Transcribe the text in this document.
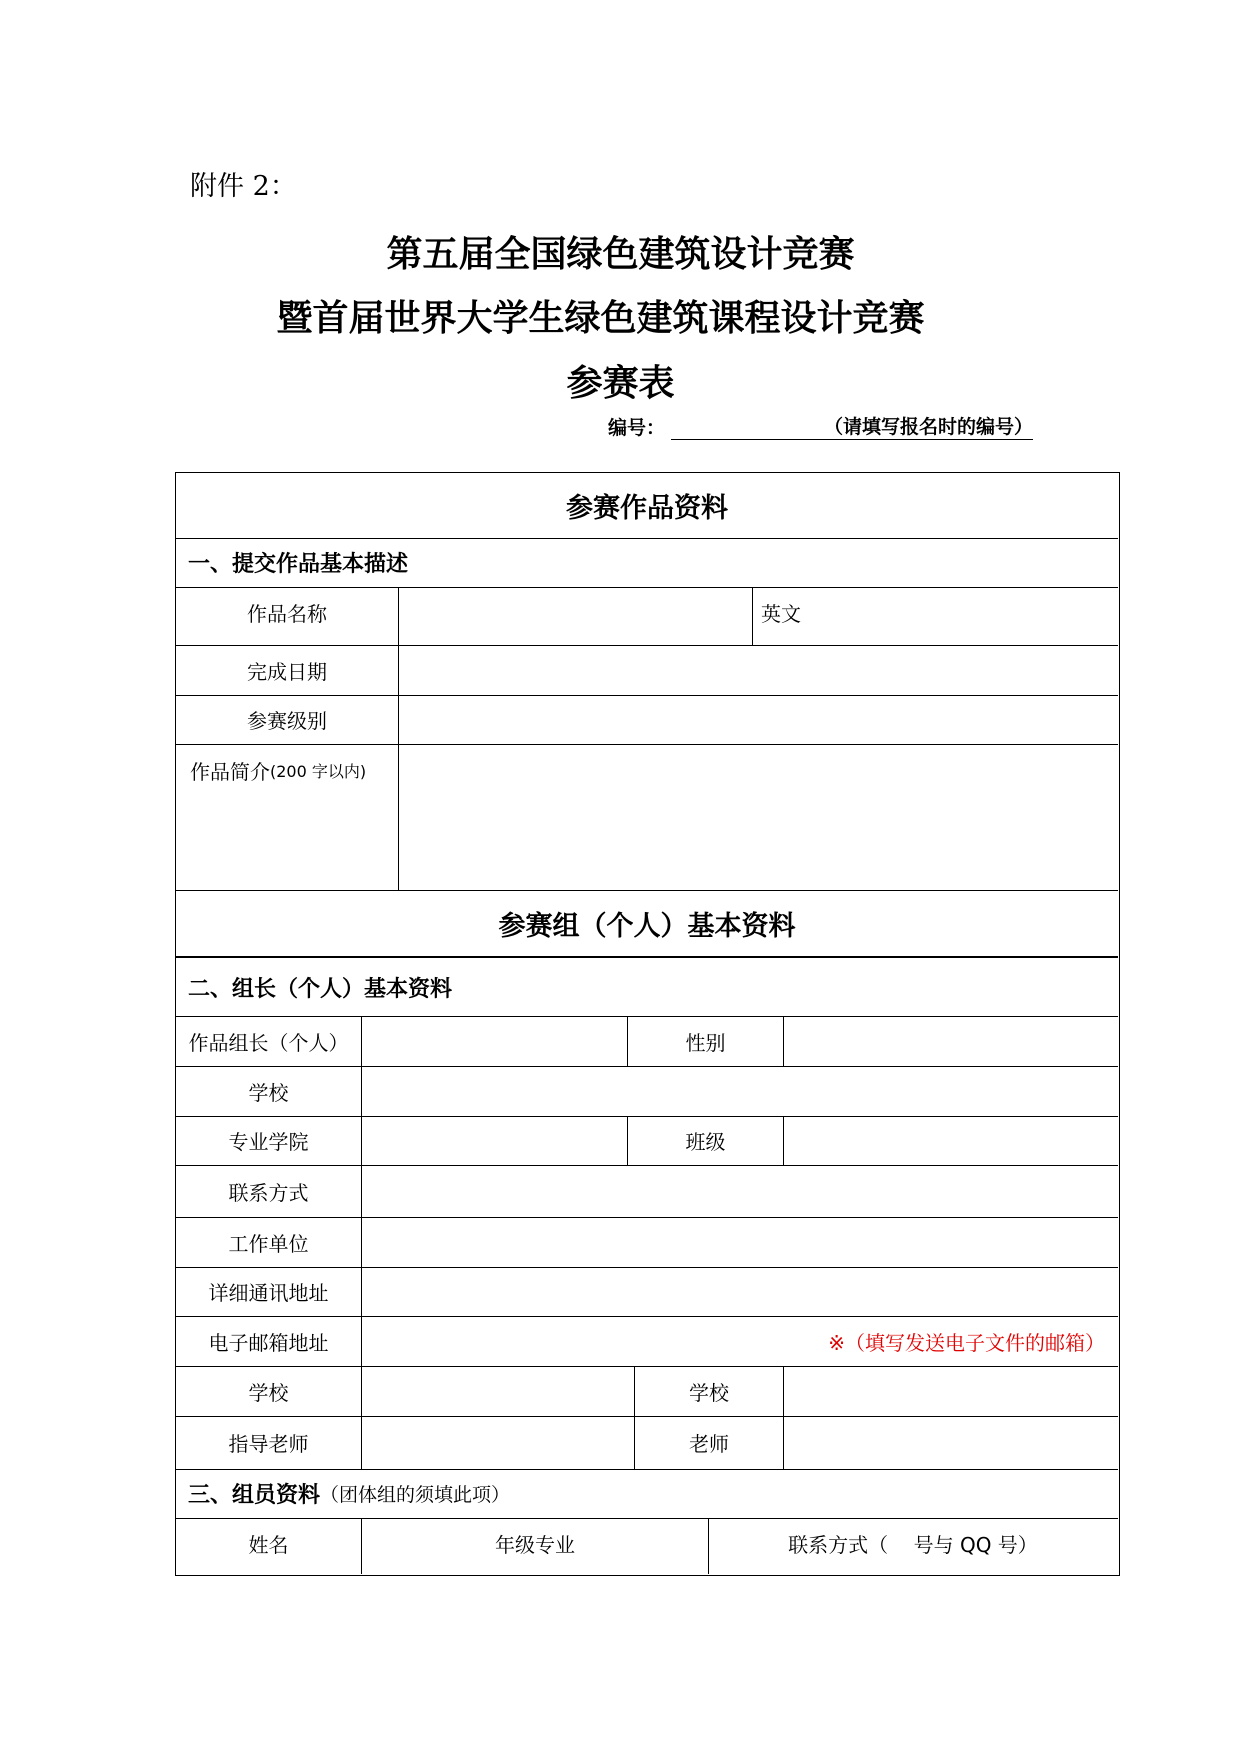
附件 2：
第五届全国绿色建筑设计竞赛
暨首届世界大学生绿色建筑课程设计竞赛
参赛表
编号：	（请填写报名时的编号）
参赛作品资料
一、提交作品基本描述
作品名称	英文
完成日期
参赛级别
作品简介 (200 字以内)
参赛组（个人）基本资料
二、组长（个人）基本资料
作品组长（个人）	性别
学校
专业学院	班级
联系方式
工作单位
详细通讯地址
电子邮箱地址	※（填写发送电子文件的邮箱）
学校	学校
指导老师	老师
三、组员资料 （团体组的须填此项）
姓名	年级专业	联系方式（    号与 QQ 号）
